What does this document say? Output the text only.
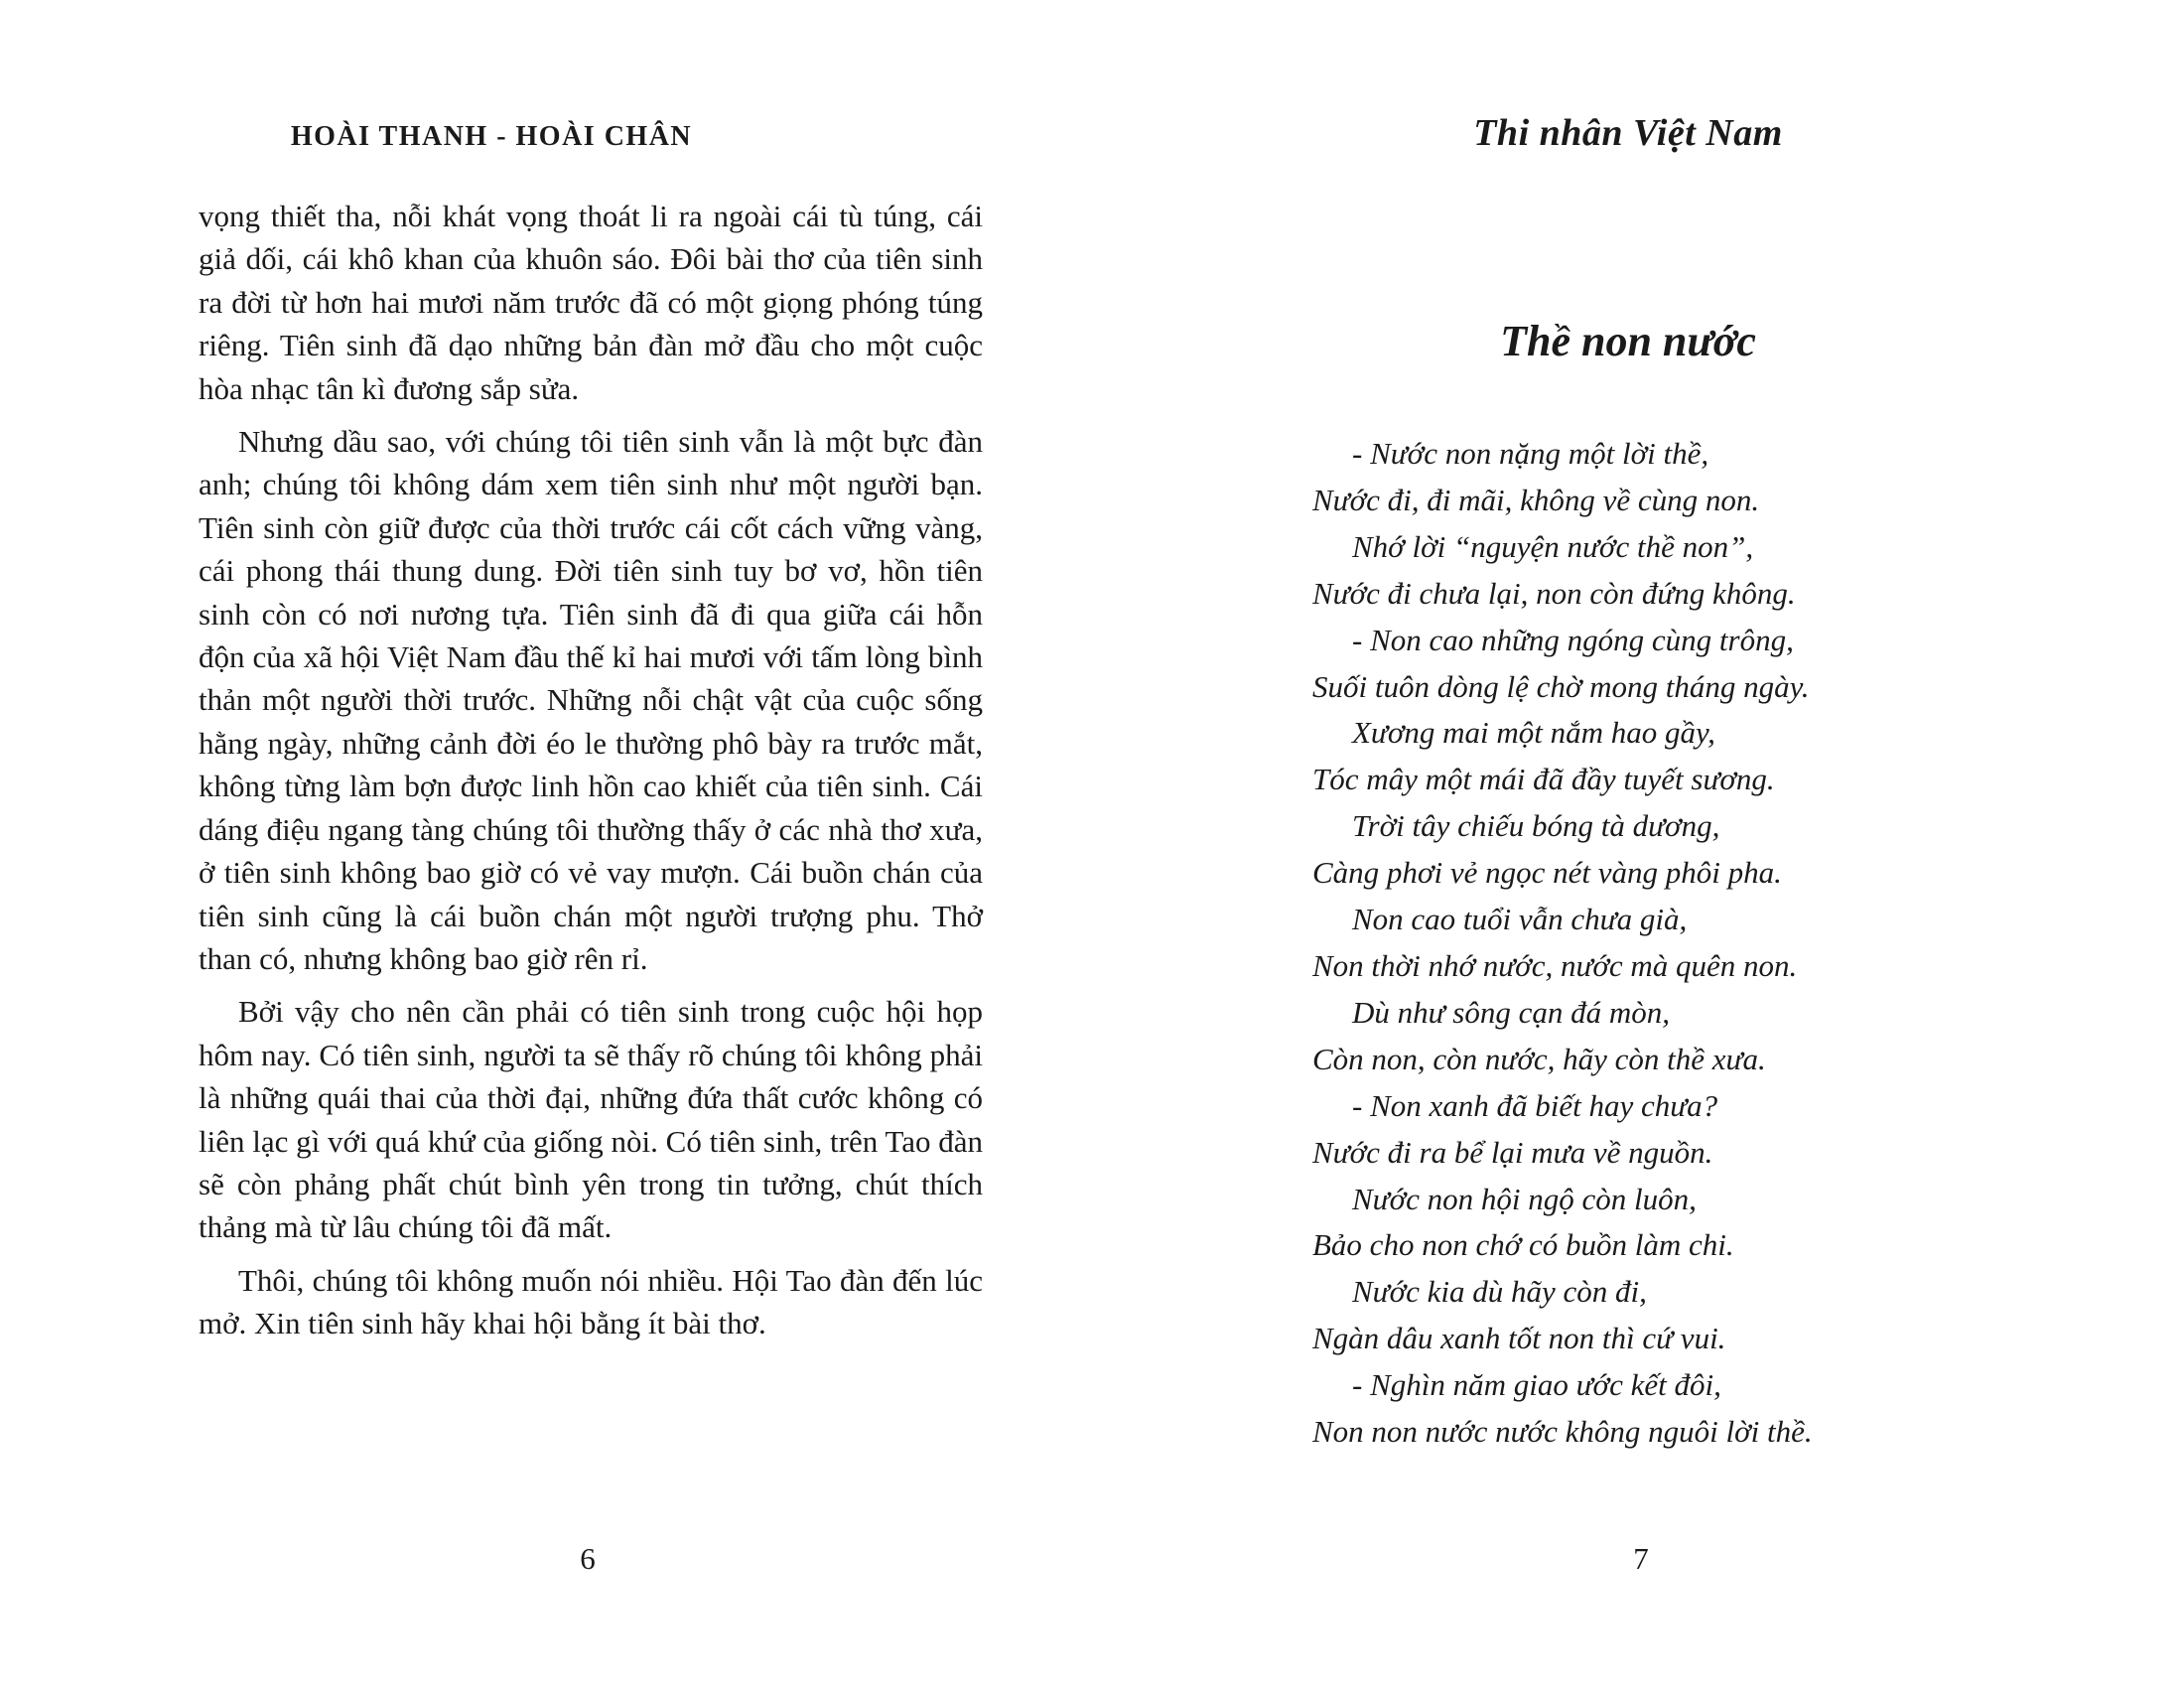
HOÀI THANH - HOÀI CHÂN

vọng thiết tha, nỗi khát vọng thoát li ra ngoài cái tù túng, cái giả dối, cái khô khan của khuôn sáo. Đôi bài thơ của tiên sinh ra đời từ hơn hai mươi năm trước đã có một giọng phóng túng riêng. Tiên sinh đã dạo những bản đàn mở đầu cho một cuộc hòa nhạc tân kì đương sắp sửa.

Nhưng dầu sao, với chúng tôi tiên sinh vẫn là một bực đàn anh; chúng tôi không dám xem tiên sinh như một người bạn. Tiên sinh còn giữ được của thời trước cái cốt cách vững vàng, cái phong thái thung dung. Đời tiên sinh tuy bơ vơ, hồn tiên sinh còn có nơi nương tựa. Tiên sinh đã đi qua giữa cái hỗn độn của xã hội Việt Nam đầu thế kỉ hai mươi với tấm lòng bình thản một người thời trước. Những nỗi chật vật của cuộc sống hằng ngày, những cảnh đời éo le thường phô bày ra trước mắt, không từng làm bợn được linh hồn cao khiết của tiên sinh. Cái dáng điệu ngang tàng chúng tôi thường thấy ở các nhà thơ xưa, ở tiên sinh không bao giờ có vẻ vay mượn. Cái buồn chán của tiên sinh cũng là cái buồn chán một người trượng phu. Thở than có, nhưng không bao giờ rên rỉ.

Bởi vậy cho nên cần phải có tiên sinh trong cuộc hội họp hôm nay. Có tiên sinh, người ta sẽ thấy rõ chúng tôi không phải là những quái thai của thời đại, những đứa thất cước không có liên lạc gì với quá khứ của giống nòi. Có tiên sinh, trên Tao đàn sẽ còn phảng phất chút bình yên trong tin tưởng, chút thích thảng mà từ lâu chúng tôi đã mất.

Thôi, chúng tôi không muốn nói nhiều. Hội Tao đàn đến lúc mở. Xin tiên sinh hãy khai hội bằng ít bài thơ.

6
Thi nhân Việt Nam
Thề non nước
- Nước non nặng một lời thề,
Nước đi, đi mãi, không về cùng non.
Nhớ lời “nguyện nước thề non”,
Nước đi chưa lại, non còn đứng không.
- Non cao những ngóng cùng trông,
Suối tuôn dòng lệ chờ mong tháng ngày.
Xương mai một nắm hao gầy,
Tóc mây một mái đã đầy tuyết sương.
Trời tây chiếu bóng tà dương,
Càng phơi vẻ ngọc nét vàng phôi pha.
Non cao tuổi vẫn chưa già,
Non thời nhớ nước, nước mà quên non.
Dù như sông cạn đá mòn,
Còn non, còn nước, hãy còn thề xưa.
- Non xanh đã biết hay chưa?
Nước đi ra bể lại mưa về nguồn.
Nước non hội ngộ còn luôn,
Bảo cho non chớ có buồn làm chi.
Nước kia dù hãy còn đi,
Ngàn dâu xanh tốt non thì cứ vui.
- Nghìn năm giao ước kết đôi,
Non non nước nước không nguôi lời thề.
7
